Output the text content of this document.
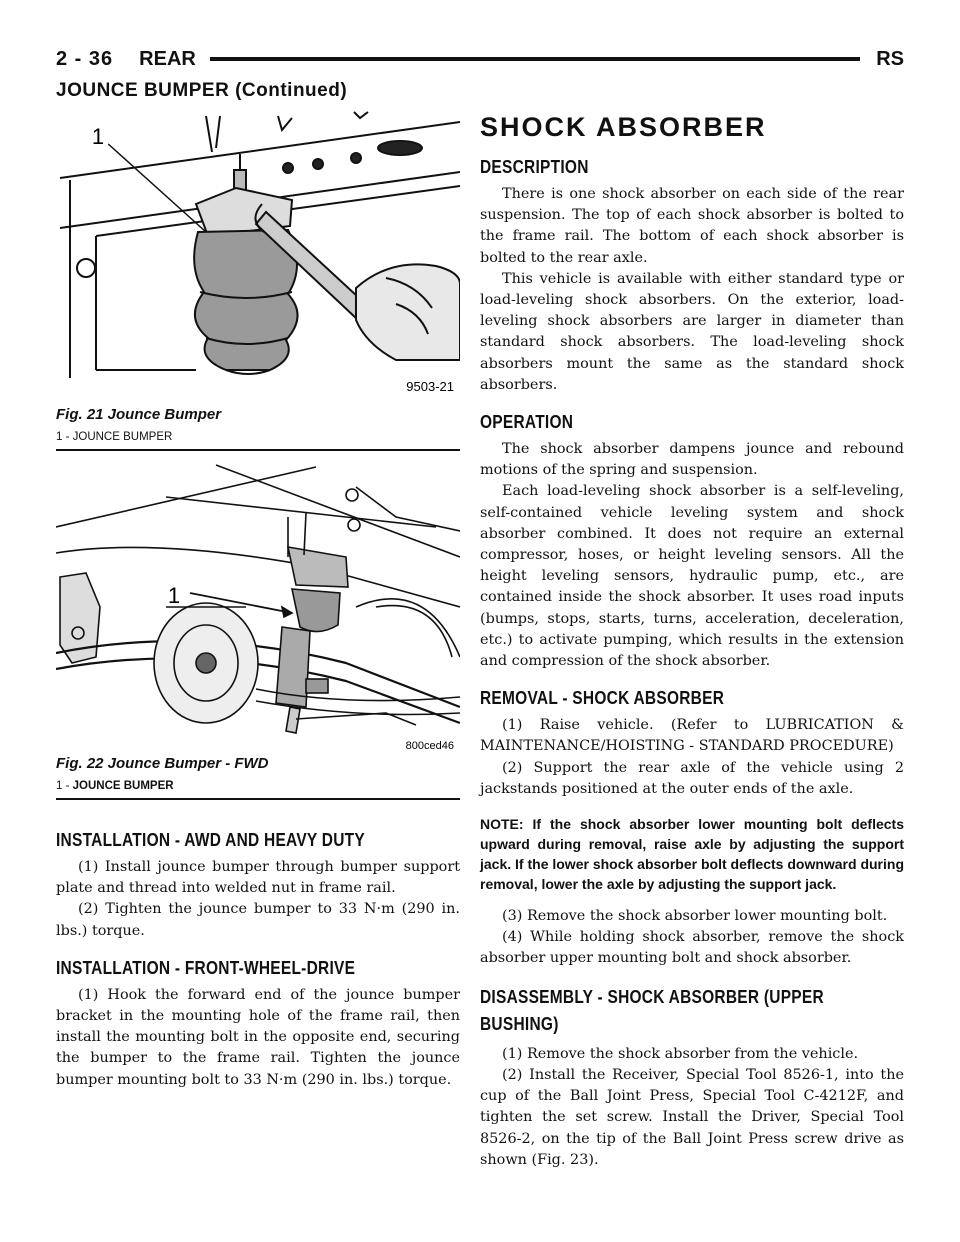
2 - 36 REAR	RS
JOUNCE BUMPER (Continued)
1
9503-21
Fig. 21 Jounce Bumper
1 - JOUNCE BUMPER
1
800ced46
Fig. 22 Jounce Bumper - FWD
1 - JOUNCE BUMPER
INSTALLATION - AWD AND HEAVY DUTY

(1) Install jounce bumper through bumper support plate and thread into welded nut in frame rail.

(2) Tighten the jounce bumper to 33 N·m (290 in. lbs.) torque.

INSTALLATION - FRONT-WHEEL-DRIVE

(1) Hook the forward end of the jounce bumper bracket in the mounting hole of the frame rail, then install the mounting bolt in the opposite end, securing the bumper to the frame rail. Tighten the jounce bumper mounting bolt to 33 N·m (290 in. lbs.) torque.

SHOCK ABSORBER
DESCRIPTION

There is one shock absorber on each side of the rear suspension. The top of each shock absorber is bolted to the frame rail. The bottom of each shock absorber is bolted to the rear axle.

This vehicle is available with either standard type or load-leveling shock absorbers. On the exterior, load-leveling shock absorbers are larger in diameter than standard shock absorbers. The load-leveling shock absorbers mount the same as the standard shock absorbers.

OPERATION

The shock absorber dampens jounce and rebound motions of the spring and suspension.

Each load-leveling shock absorber is a self-leveling, self-contained vehicle leveling system and shock absorber combined. It does not require an external compressor, hoses, or height leveling sensors. All the height leveling sensors, hydraulic pump, etc., are contained inside the shock absorber. It uses road inputs (bumps, stops, starts, turns, acceleration, deceleration, etc.) to activate pumping, which results in the extension and compression of the shock absorber.

REMOVAL - SHOCK ABSORBER

(1) Raise vehicle. (Refer to LUBRICATION & MAINTENANCE/HOISTING - STANDARD PROCEDURE)

(2) Support the rear axle of the vehicle using 2 jackstands positioned at the outer ends of the axle.

NOTE: If the shock absorber lower mounting bolt deflects upward during removal, raise axle by adjusting the support jack. If the lower shock absorber bolt deflects downward during removal, lower the axle by adjusting the support jack.

(3) Remove the shock absorber lower mounting bolt.

(4) While holding shock absorber, remove the shock absorber upper mounting bolt and shock absorber.

DISASSEMBLY - SHOCK ABSORBER (UPPER BUSHING)

(1) Remove the shock absorber from the vehicle.

(2) Install the Receiver, Special Tool 8526-1, into the cup of the Ball Joint Press, Special Tool C-4212F, and tighten the set screw. Install the Driver, Special Tool 8526-2, on the tip of the Ball Joint Press screw drive as shown (Fig. 23).
